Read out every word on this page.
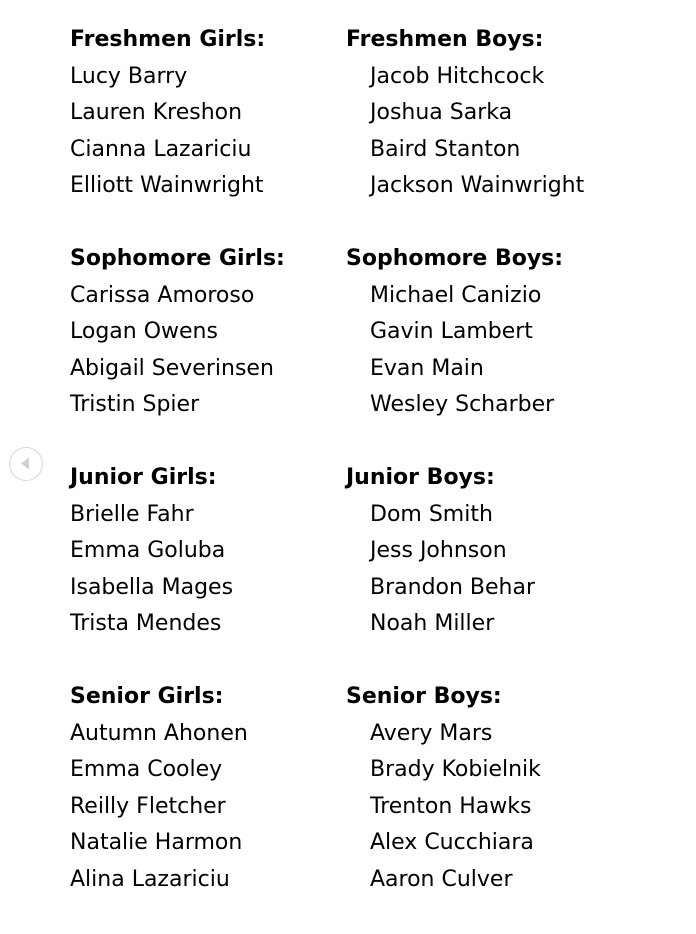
Freshmen Girls:
Lucy Barry
Lauren Kreshon
Cianna Lazariciu
Elliott Wainwright
Sophomore Girls:
Carissa Amoroso
Logan Owens
Abigail Severinsen
Tristin Spier
Junior Girls:
Brielle Fahr
Emma Goluba
Isabella Mages
Trista Mendes
Senior Girls:
Autumn Ahonen
Emma Cooley
Reilly Fletcher
Natalie Harmon
Alina Lazariciu
Freshmen Boys:
Jacob Hitchcock
Joshua Sarka
Baird Stanton
Jackson Wainwright
Sophomore Boys:
Michael Canizio
Gavin Lambert
Evan Main
Wesley Scharber
Junior Boys:
Dom Smith
Jess Johnson
Brandon Behar
Noah Miller
Senior Boys:
Avery Mars
Brady Kobielnik
Trenton Hawks
Alex Cucchiara
Aaron Culver
